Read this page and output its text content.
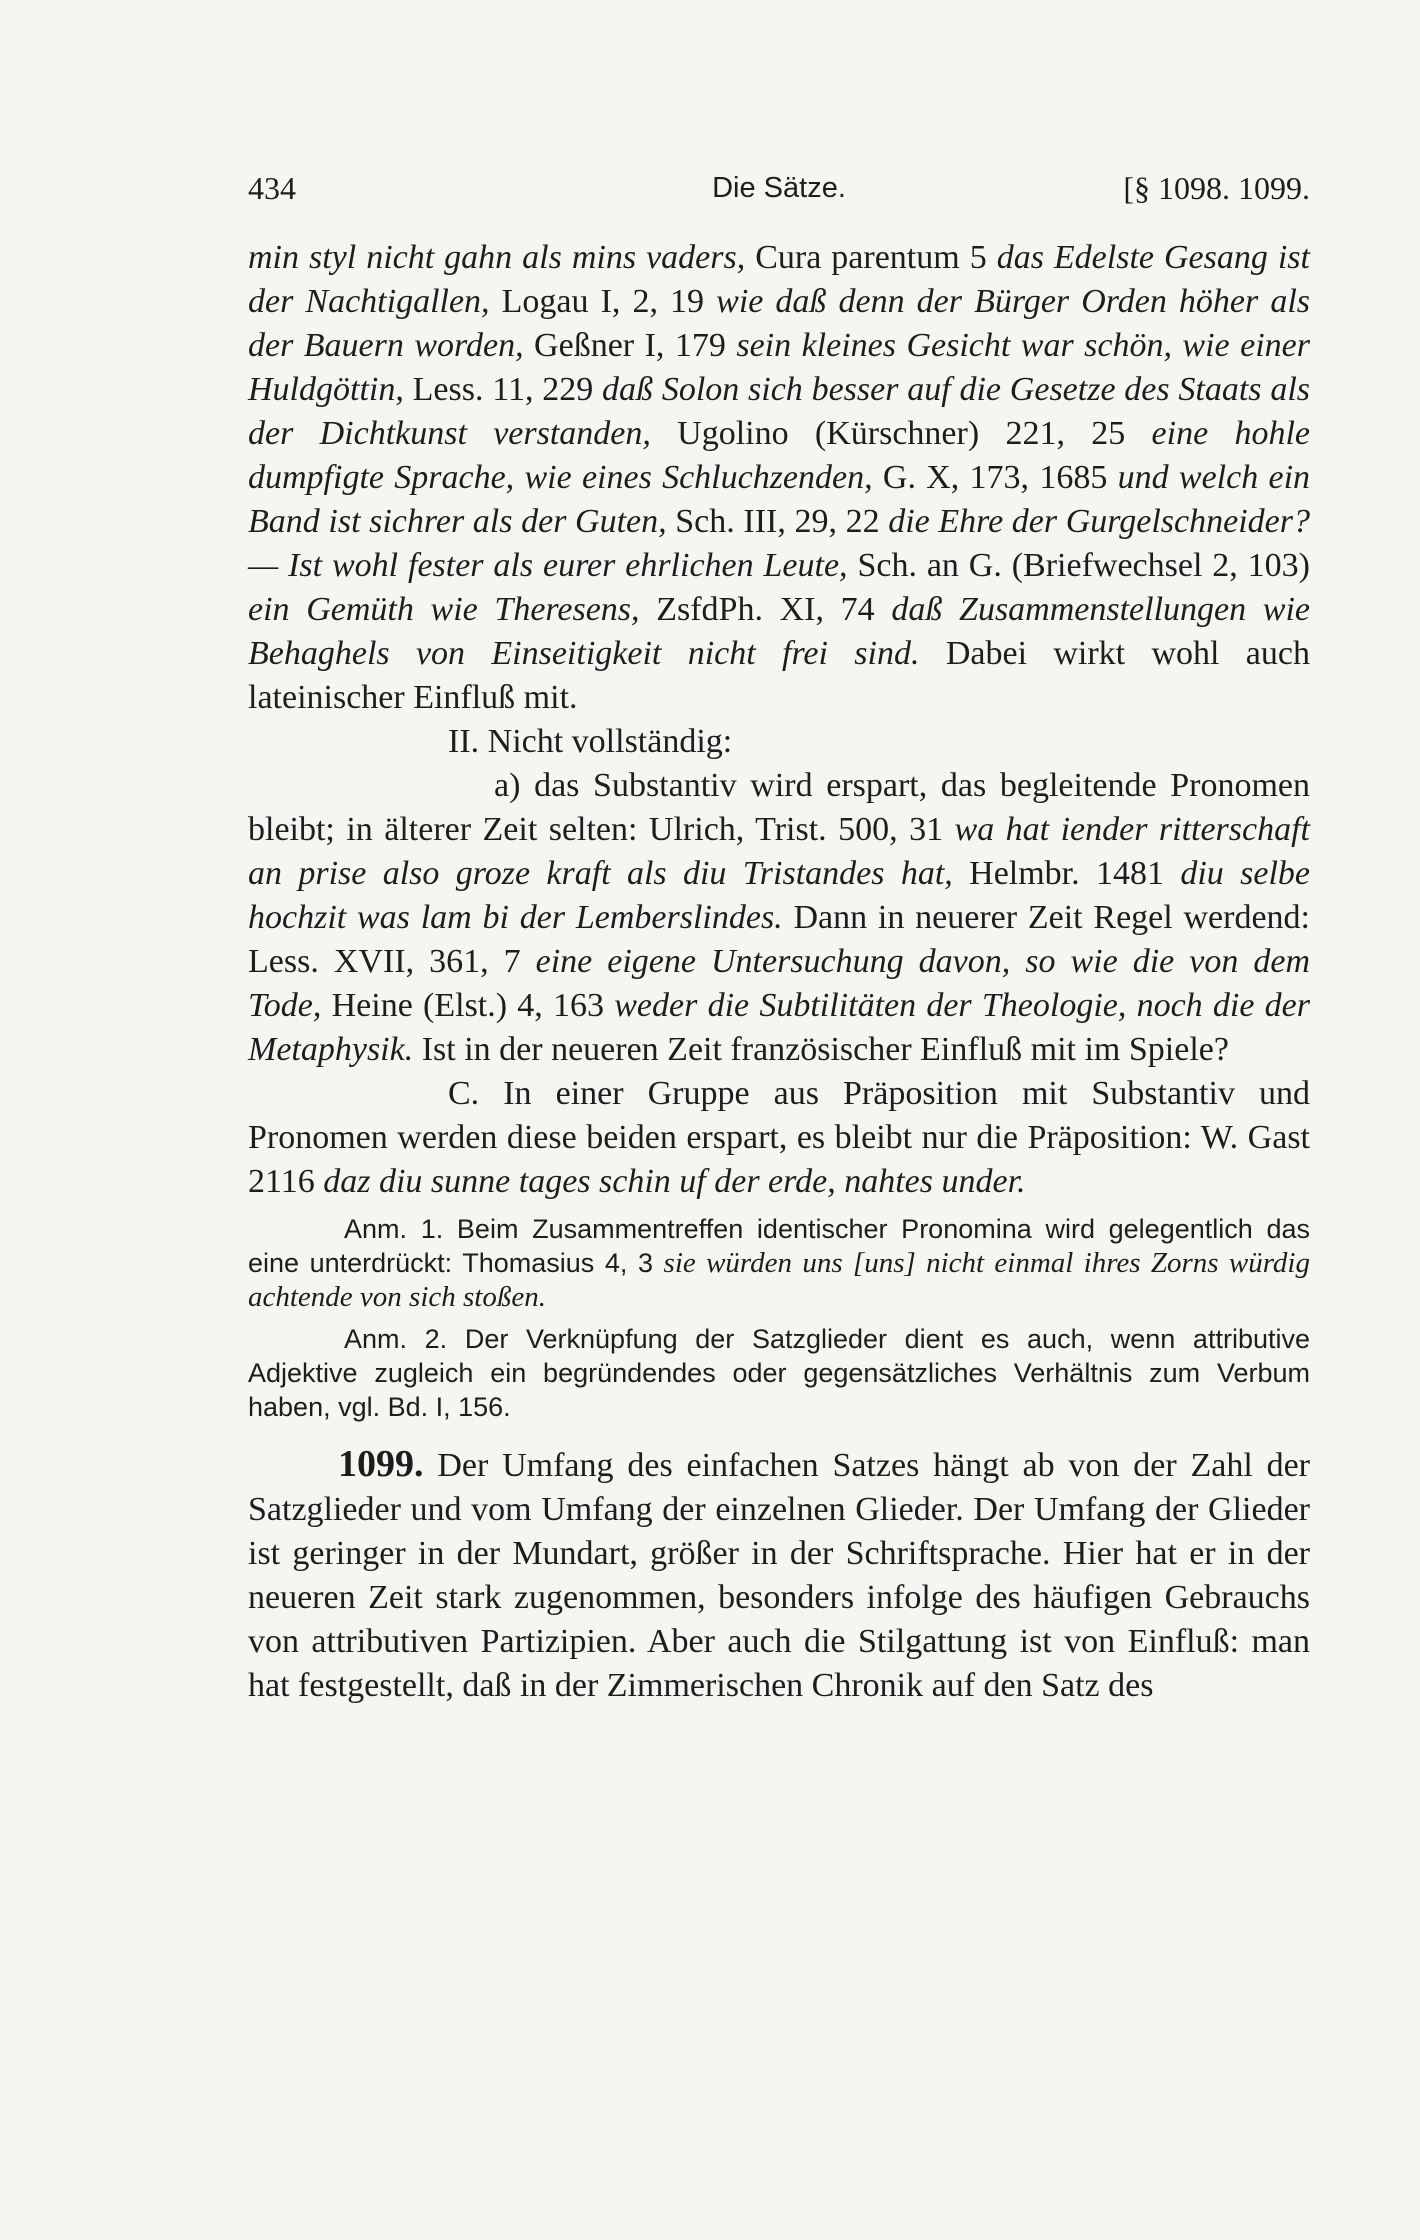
434	Die Sätze.	[§ 1098. 1099.

min styl nicht gahn als mins vaders, Cura parentum 5 das Edelste Gesang ist der Nachtigallen, Logau I, 2, 19 wie daß denn der Bürger Orden höher als der Bauern worden, Geßner I, 179 sein kleines Gesicht war schön, wie einer Huldgöttin, Less. 11, 229 daß Solon sich besser auf die Gesetze des Staats als der Dichtkunst verstanden, Ugolino (Kürschner) 221, 25 eine hohle dumpfigte Sprache, wie eines Schluchzenden, G. X, 173, 1685 und welch ein Band ist sichrer als der Guten, Sch. III, 29, 22 die Ehre der Gurgelschneider? — Ist wohl fester als eurer ehrlichen Leute, Sch. an G. (Briefwechsel 2, 103) ein Gemüth wie Theresens, ZsfdPh. XI, 74 daß Zusammenstellungen wie Behaghels von Einseitigkeit nicht frei sind. Dabei wirkt wohl auch lateinischer Einfluß mit.

II. Nicht vollständig:

a) das Substantiv wird erspart, das begleitende Pronomen bleibt; in älterer Zeit selten: Ulrich, Trist. 500, 31 wa hat iender ritterschaft an prise also groze kraft als diu Tristandes hat, Helmbr. 1481 diu selbe hochzit was lam bi der Lemberslindes. Dann in neuerer Zeit Regel werdend: Less. XVII, 361, 7 eine eigene Untersuchung davon, so wie die von dem Tode, Heine (Elst.) 4, 163 weder die Subtilitäten der Theologie, noch die der Metaphysik. Ist in der neueren Zeit französischer Einfluß mit im Spiele?

C. In einer Gruppe aus Präposition mit Substantiv und Pronomen werden diese beiden erspart, es bleibt nur die Präposition: W. Gast 2116 daz diu sunne tages schin uf der erde, nahtes under.

Anm. 1. Beim Zusammentreffen identischer Pronomina wird gelegentlich das eine unterdrückt: Thomasius 4, 3 sie würden uns [uns] nicht einmal ihres Zorns würdig achtende von sich stoßen.

Anm. 2. Der Verknüpfung der Satzglieder dient es auch, wenn attributive Adjektive zugleich ein begründendes oder gegensätzliches Verhältnis zum Verbum haben, vgl. Bd. I, 156.

1099. Der Umfang des einfachen Satzes hängt ab von der Zahl der Satzglieder und vom Umfang der einzelnen Glieder. Der Umfang der Glieder ist geringer in der Mundart, größer in der Schriftsprache. Hier hat er in der neueren Zeit stark zugenommen, besonders infolge des häufigen Gebrauchs von attributiven Partizipien. Aber auch die Stilgattung ist von Einfluß: man hat festgestellt, daß in der Zimmerischen Chronik auf den Satz des
